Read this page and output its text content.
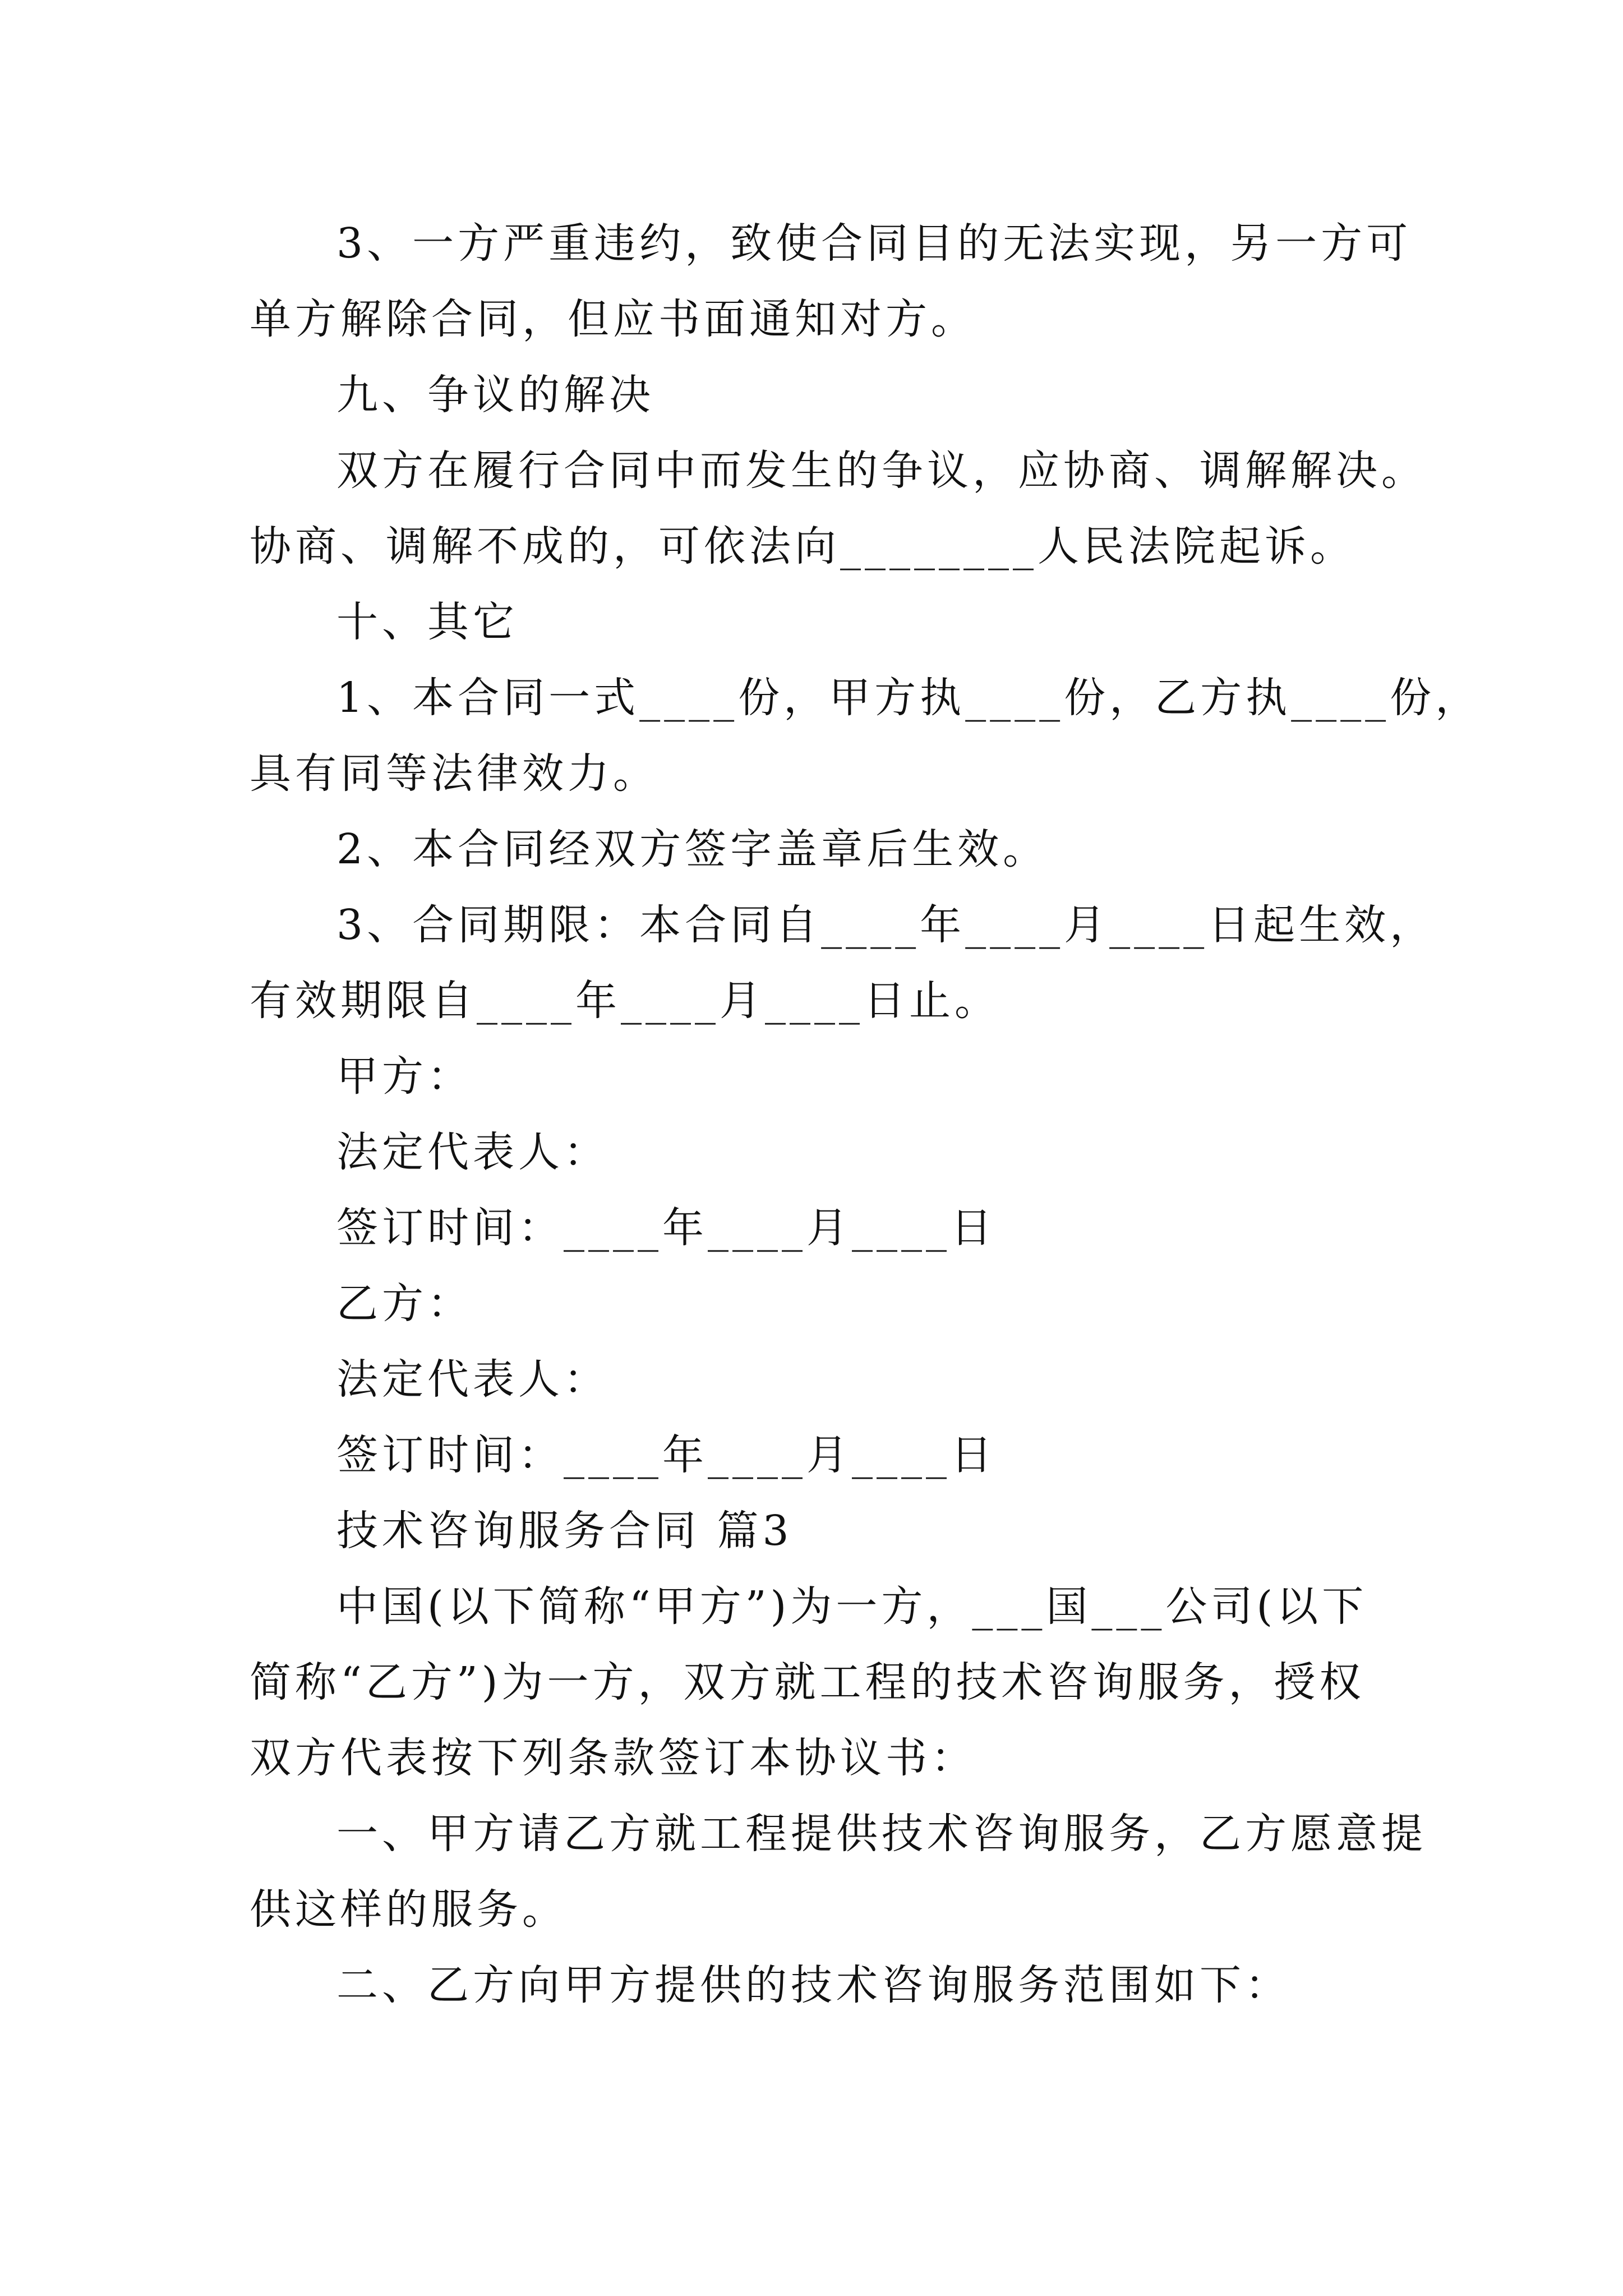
3、一方严重违约，致使合同目的无法实现，另一方可
单方解除合同，但应书面通知对方。
九、争议的解决
双方在履行合同中而发生的争议，应协商、调解解决。
协商、调解不成的，可依法向________人民法院起诉。
十、其它
1、本合同一式____份，甲方执____份，乙方执____份，
具有同等法律效力。
2、本合同经双方签字盖章后生效。
3、合同期限：本合同自____年____月____日起生效，
有效期限自____年____月____日止。
甲方：
法定代表人：
签订时间：____年____月____日
乙方：
法定代表人：
签订时间：____年____月____日
技术咨询服务合同 篇3
中国(以下简称“甲方”)为一方，___国___公司(以下
简称“乙方”)为一方，双方就工程的技术咨询服务，授权
双方代表按下列条款签订本协议书：
一、甲方请乙方就工程提供技术咨询服务，乙方愿意提
供这样的服务。
二、乙方向甲方提供的技术咨询服务范围如下：
